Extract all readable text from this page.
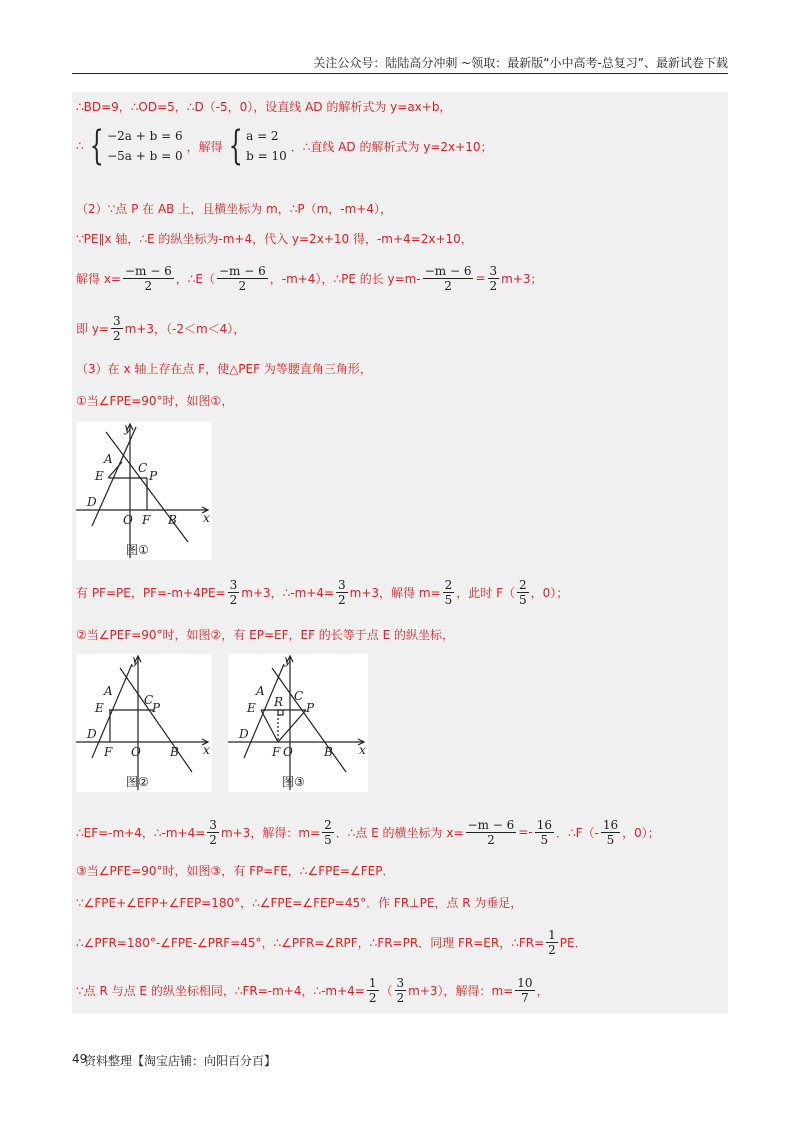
关注公众号：陆陆高分冲刺 ~领取：最新版“小中高考-总复习”、最新试卷下载
∴BD=9，∴OD=5，∴D（-5，0），设直线 AD 的解析式为 y=ax+b，
∴ { −2a + b = 6
−5a + b = 0
，解得 { a = 2
b = 10
．∴直线 AD 的解析式为 y=2x+10；
（2）∵点 P 在 AB 上，且横坐标为 m，∴P（m，-m+4），
∵PE∥x 轴，∴E 的纵坐标为-m+4，代入 y=2x+10 得，-m+4=2x+10，
解得 $x= \frac{-m - 6}{2}$ ，∴E（ $\frac{-m - 6}{2}$ ，-m+4），∴PE 的长 $y=m- \frac{-m - 6}{2} = \frac{3}{2} m+3$；
即 $y= \frac{3}{2} m+3$，（-2＜m＜4），
（3）在 x 轴上存在点 F，使△PEF 为等腰直角三角形，
①当∠FPE=90°时，如图①，
y
x
A
E
C
P
D
O F B
图①
有 PF=PE，$PF=-m+4PE= \frac{3}{2} m+3$，∴-m+4= $\frac{3}{2} m+3$，解得 $m= \frac{2}{5}$ ，此时 $F( \frac{2}{5}$ ，0）；
②当∠PEF=90°时，如图②，有 EP=EF，EF 的长等于点 E 的纵坐标，
y
x
A
E
C
P
D
O
F	B
图②
y
x
A
E
C
P
R
D
O
F	B
图③
∴EF=-m+4，∴-m+4= $\frac{3}{2} m+3$，解得：$m= \frac{2}{5}$ ．∴点 E 的横坐标为 $x= \frac{-m - 6}{2} =- \frac{16}{5}$ ．∴F（- $\frac{16}{5}$ ，0）；
③当∠PFE=90°时，如图③，有 FP=FE，∴∠FPE=∠FEP．
∵∠FPE+∠EFP+∠FEP=180°，∴∠FPE=∠FEP=45°．作 FR⊥PE，点 R 为垂足，
∴∠PFR=180°-∠FPE-∠PRF=45°，∴∠PFR=∠RPF，∴FR=PR．同理 FR=ER，∴FR= $\frac{1}{2}$ PE．
∵点 R 与点 E 的纵坐标相同，∴FR=-m+4，∴-m+4= $\frac{1}{2}$ （ $\frac{3}{2} m+3$），解得：$m= \frac{10}{7}$ ，
49
资料整理【淘宝店铺：向阳百分百】
